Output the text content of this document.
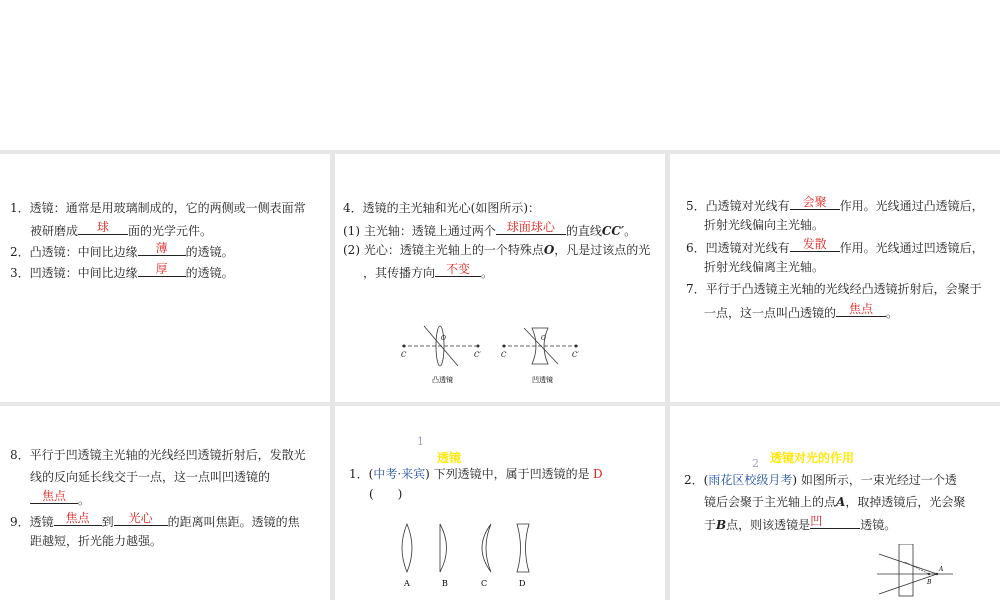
1．透镜：通常是用玻璃制成的，它的两侧或一侧表面常
被研磨成	球	面的光学元件。
2．凸透镜：中间比边缘	薄	的透镜。
3．凹透镜：中间比边缘	厚	的透镜。
4．透镜的主光轴和光心(如图所示)：
(1) 主光轴：透镜上通过两个 球面球心 的直线CC′。
(2) 光心：透镜主光轴上的一个特殊点O，凡是过该点的光
，其传播方向 不变 。
C	C′
O
凸透镜
C	C′
O
凹透镜
5．凸透镜对光线有	会聚	作用。光线通过凸透镜后，
折射光线偏向主光轴。
6．凹透镜对光线有	发散	作用。光线通过凹透镜后，
折射光线偏离主光轴。
7．平行于凸透镜主光轴的光线经凸透镜折射后，会聚于
一点，这一点叫凸透镜的	焦点	。
8．平行于凹透镜主光轴的光线经凹透镜折射后，发散光
线的反向延长线交于一点，这一点叫凹透镜的
焦点	。
9．透镜 焦点	到	光心	的距离叫焦距。透镜的焦
距越短，折光能力越强。
1
透镜
1．(中考·来宾) 下列透镜中，属于凹透镜的是 D
(　　)
A	B	C	D
2 透镜对光的作用
2．(雨花区校级月考) 如图所示，一束光经过一个透
镜后会聚于主光轴上的点A，取掉透镜后，光会聚
于B点，则该透镜是 凹	透镜。
A
B
